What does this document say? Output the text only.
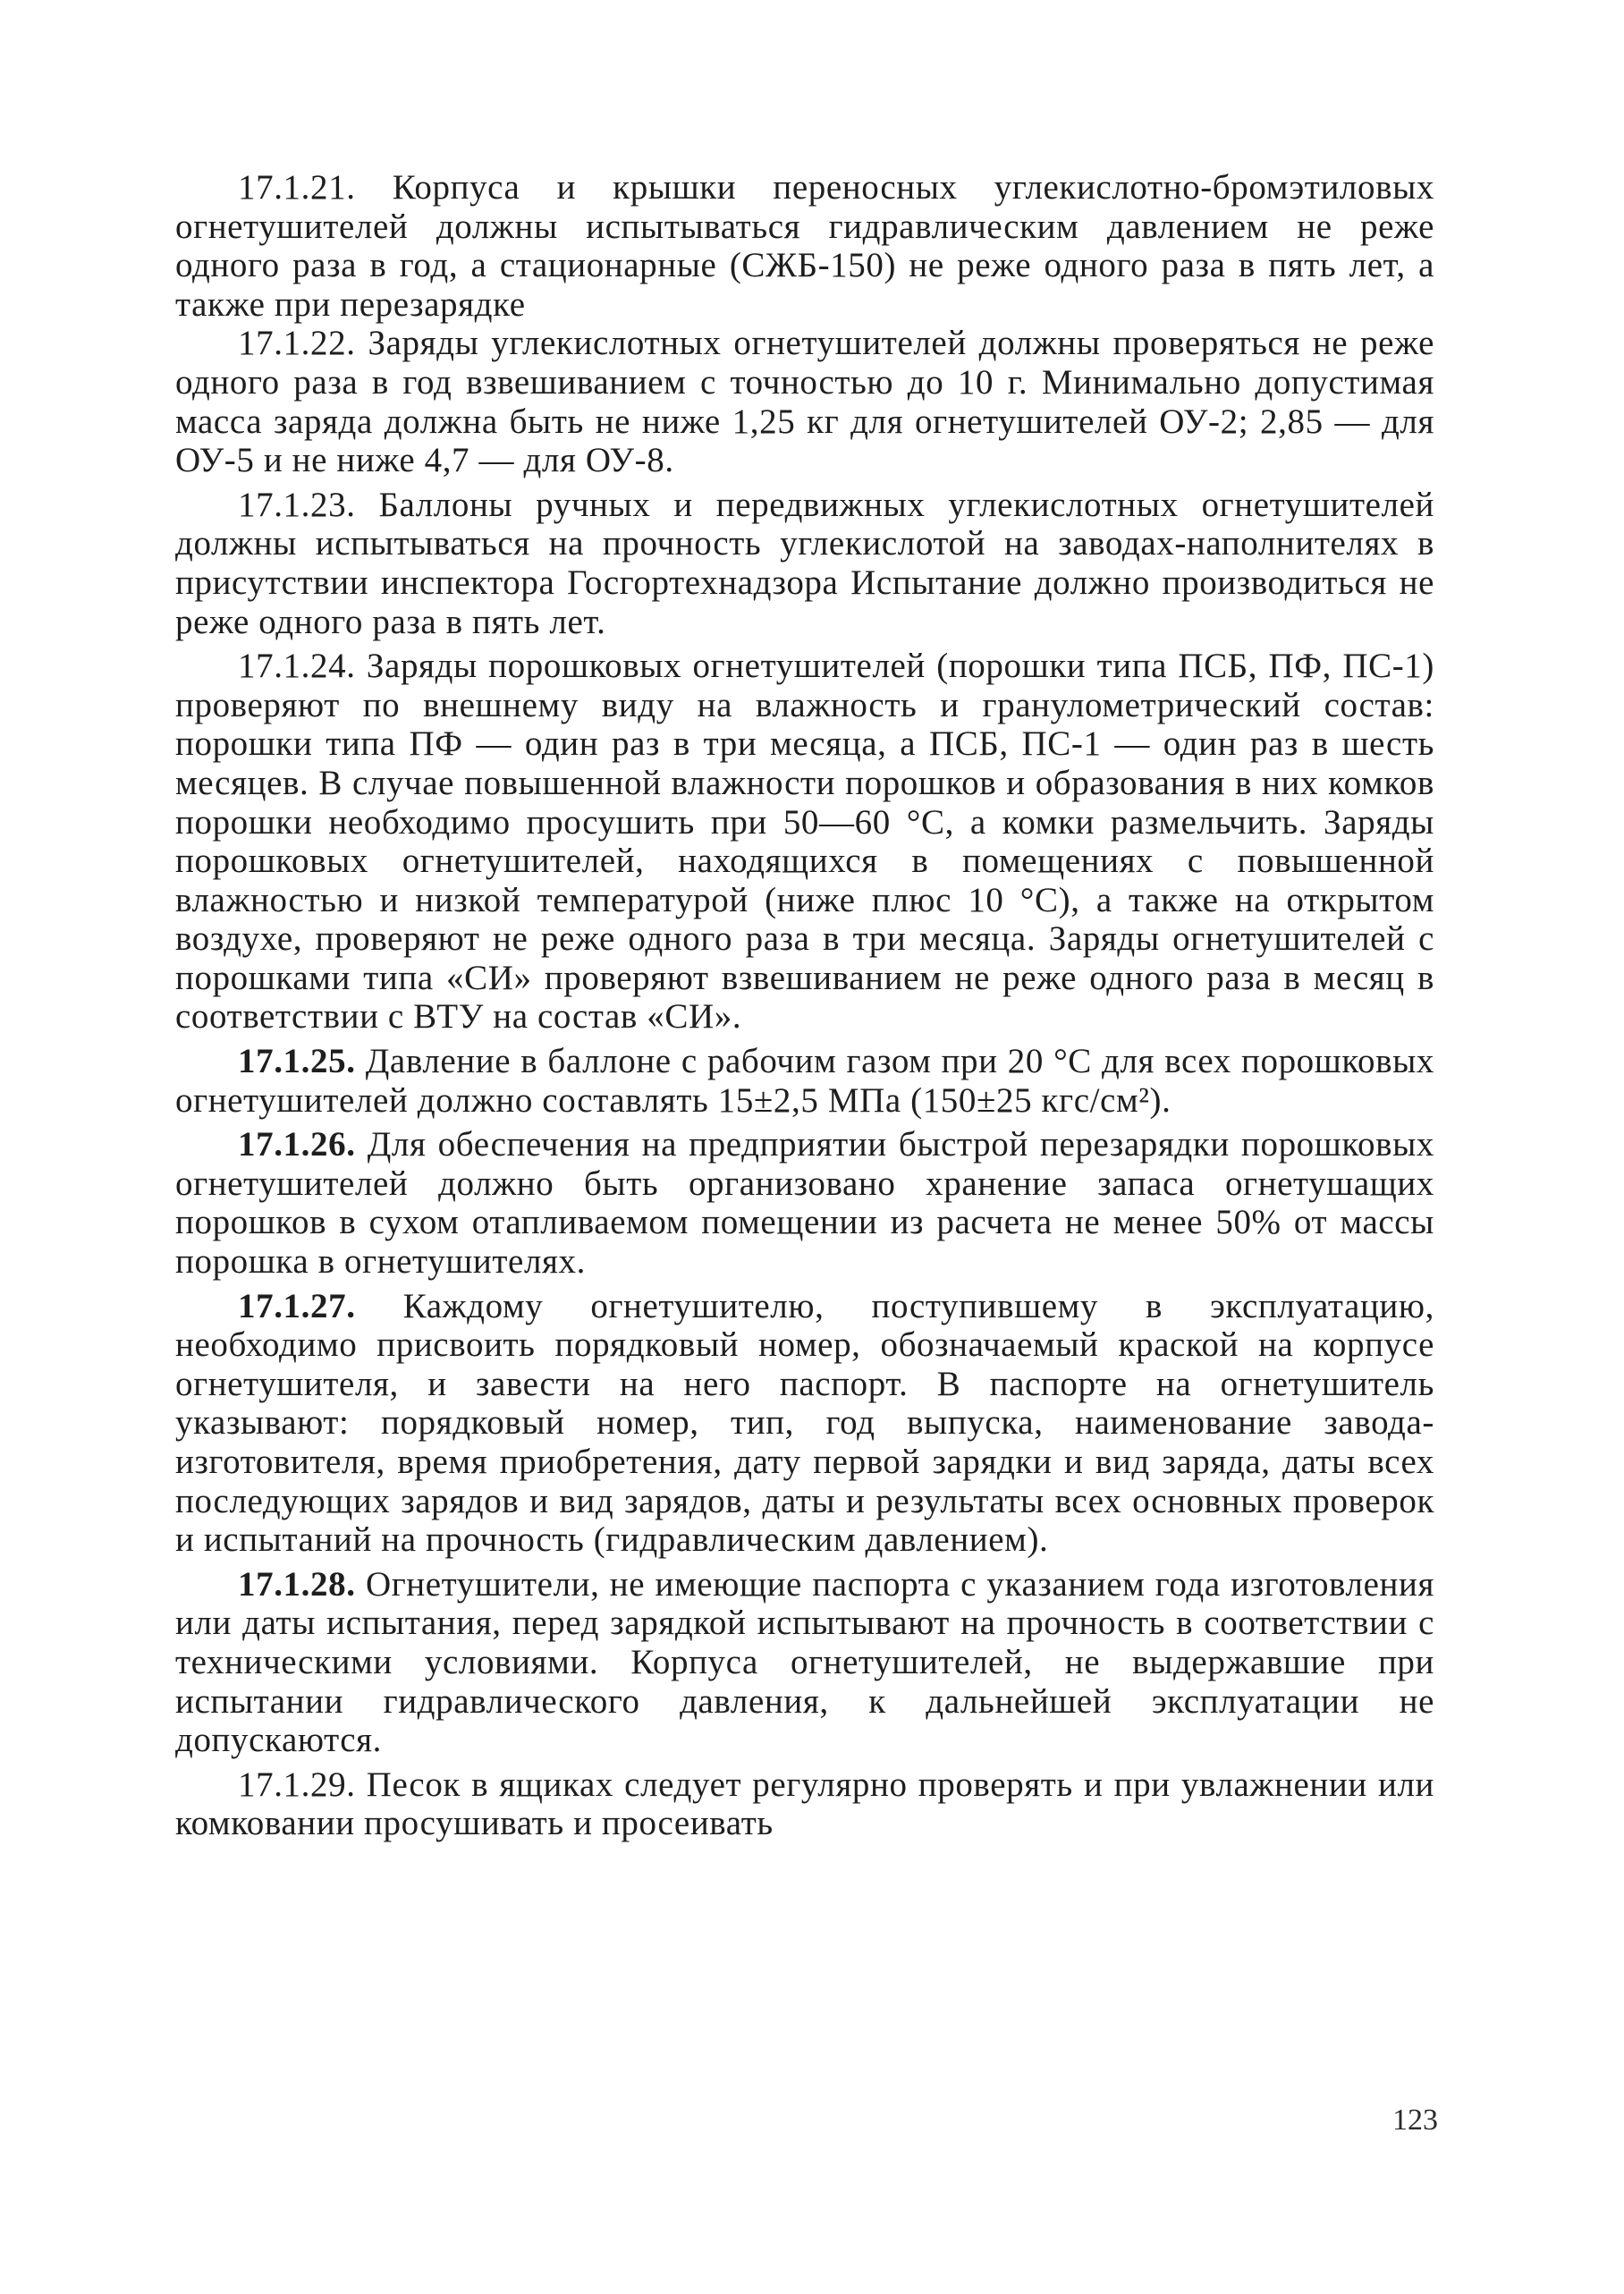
17.1.21. Корпуса и крышки переносных углекислотно-бромэтиловых огнетушителей должны испытываться гидравлическим давлением не реже одного раза в год, а стационарные (СЖБ-150) не реже одного раза в пять лет, а также при перезарядке

17.1.22. Заряды углекислотных огнетушителей должны проверяться не реже одного раза в год взвешиванием с точностью до 10 г. Минимально допустимая масса заряда должна быть не ниже 1,25 кг для огнетушителей ОУ-2; 2,85 — для ОУ-5 и не ниже 4,7 — для ОУ-8.

17.1.23. Баллоны ручных и передвижных углекислотных огнетушителей должны испытываться на прочность углекислотой на заводах-наполнителях в присутствии инспектора Госгортехнадзора Испытание должно производиться не реже одного раза в пять лет.

17.1.24. Заряды порошковых огнетушителей (порошки типа ПСБ, ПФ, ПС-1) проверяют по внешнему виду на влажность и гранулометрический состав: порошки типа ПФ — один раз в три месяца, а ПСБ, ПС-1 — один раз в шесть месяцев. В случае повышенной влажности порошков и образования в них комков порошки необходимо просушить при 50—60 °С, а комки размельчить. Заряды порошковых огнетушителей, находящихся в помещениях с повышенной влажностью и низкой температурой (ниже плюс 10 °С), а также на открытом воздухе, проверяют не реже одного раза в три месяца. Заряды огнетушителей с порошками типа «СИ» проверяют взвешиванием не реже одного раза в месяц в соответствии с ВТУ на состав «СИ».

17.1.25. Давление в баллоне с рабочим газом при 20 °С для всех порошковых огнетушителей должно составлять 15±2,5 МПа (150±25 кгс/см²).

17.1.26. Для обеспечения на предприятии быстрой перезарядки порошковых огнетушителей должно быть организовано хранение запаса огнетушащих порошков в сухом отапливаемом помещении из расчета не менее 50% от массы порошка в огнетушителях.

17.1.27. Каждому огнетушителю, поступившему в эксплуатацию, необходимо присвоить порядковый номер, обозначаемый краской на корпусе огнетушителя, и завести на него паспорт. В паспорте на огнетушитель указывают: порядковый номер, тип, год выпуска, наименование завода-изготовителя, время приобретения, дату первой зарядки и вид заряда, даты всех последующих зарядов и вид зарядов, даты и результаты всех основных проверок и испытаний на прочность (гидравлическим давлением).

17.1.28. Огнетушители, не имеющие паспорта с указанием года изготовления или даты испытания, перед зарядкой испытывают на прочность в соответствии с техническими условиями. Корпуса огнетушителей, не выдержавшие при испытании гидравлического давления, к дальнейшей эксплуатации не допускаются.

17.1.29. Песок в ящиках следует регулярно проверять и при увлажнении или комковании просушивать и просеивать

123
